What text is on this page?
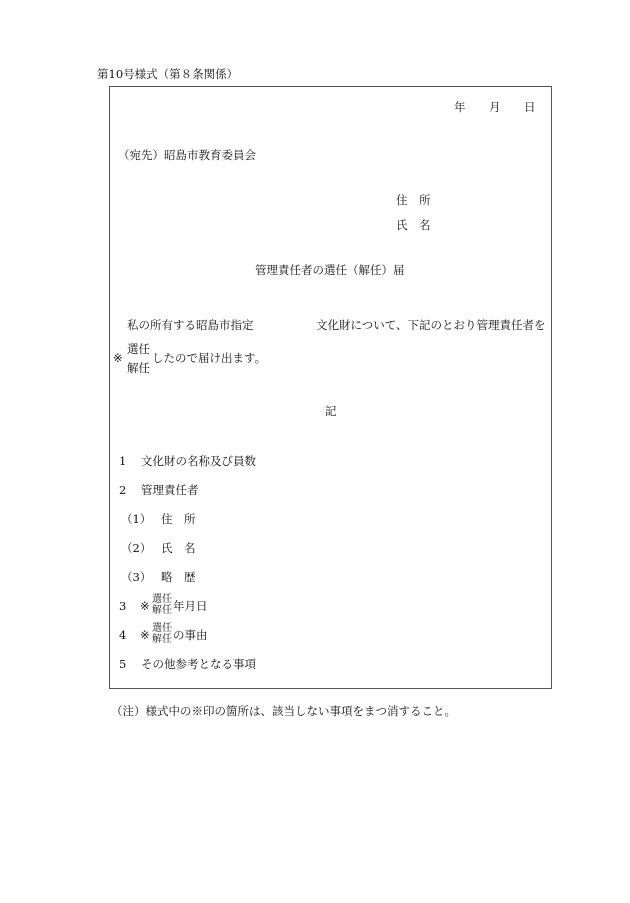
第10号様式（第８条関係）
年 月 日
（宛先）昭島市教育委員会
住　所
氏　名
管理責任者の選任（解任）届
私の所有する昭島市指定	文化財について、下記のとおり管理責任者を
※
選任
解任
したので届け出ます。
記
1 文化財の名称及び員数
2 管理責任者
（1） 住　所
（2） 氏　名
（3） 略　歴
3 ※ 選任
解任 年月日
4 ※ 選任
解任 の事由
5 その他参考となる事項
（注）様式中の※印の箇所は、該当しない事項をまつ消すること。
